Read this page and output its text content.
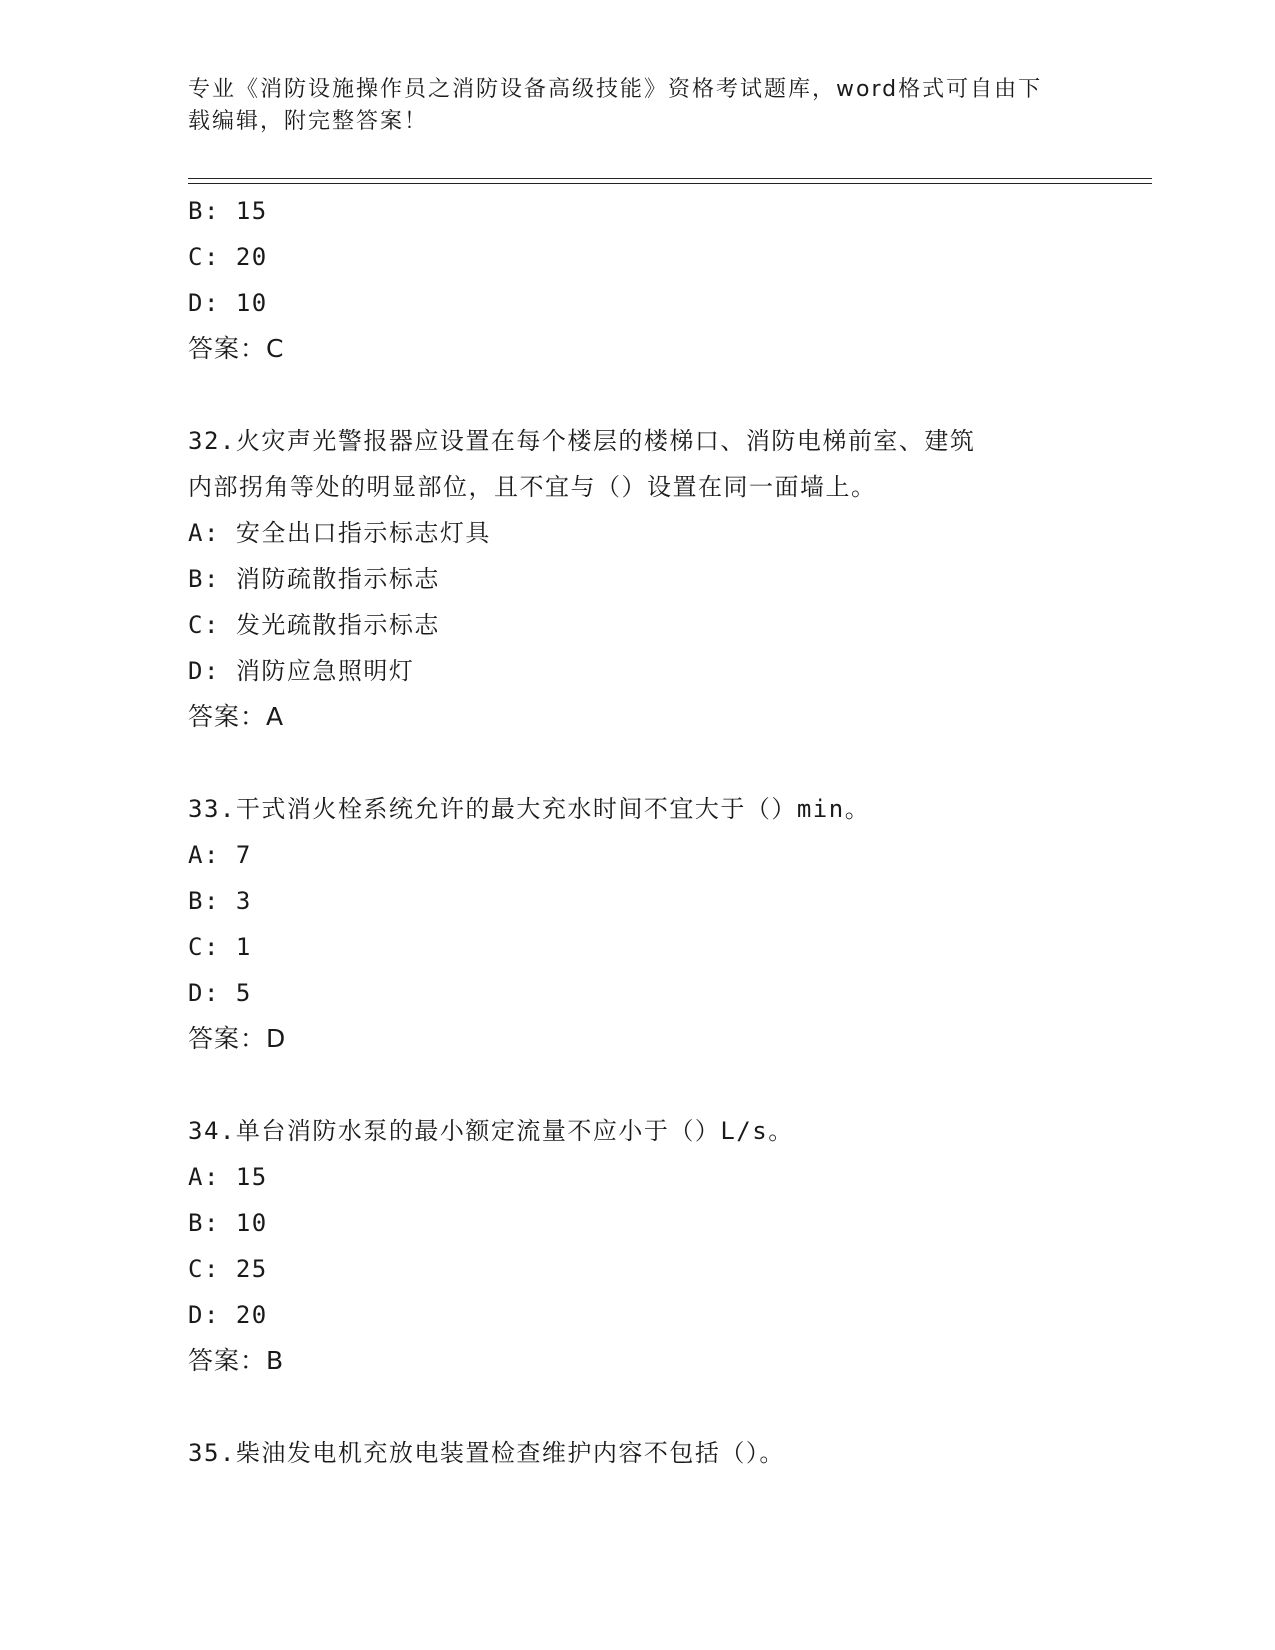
专业《消防设施操作员之消防设备高级技能》资格考试题库，word格式可自由下
载编辑，附完整答案！
B: 15
C: 20
D: 10
答案：C
32.火灾声光警报器应设置在每个楼层的楼梯口、消防电梯前室、建筑
内部拐角等处的明显部位，且不宜与（）设置在同一面墙上。
A: 安全出口指示标志灯具
B: 消防疏散指示标志
C: 发光疏散指示标志
D: 消防应急照明灯
答案：A
33.干式消火栓系统允许的最大充水时间不宜大于（）min。
A: 7
B: 3
C: 1
D: 5
答案：D
34.单台消防水泵的最小额定流量不应小于（）L/s。
A: 15
B: 10
C: 25
D: 20
答案：B
35.柴油发电机充放电装置检查维护内容不包括（）。
